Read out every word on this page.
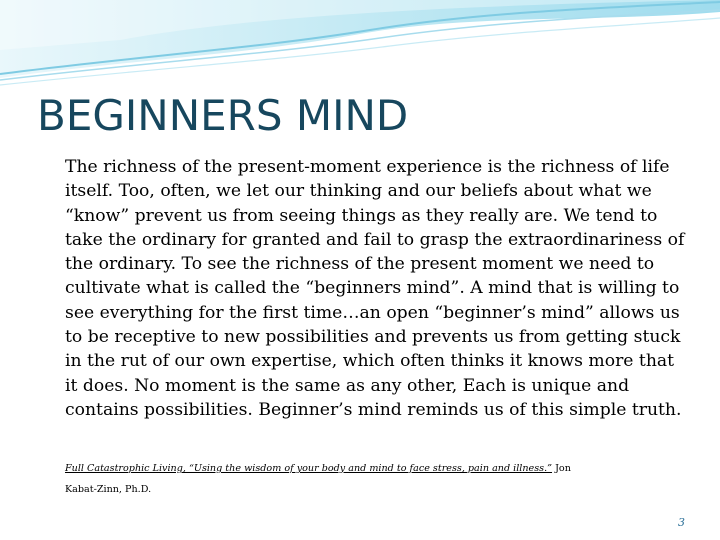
BEGINNERS MIND

The richness of the present-moment experience is the richness of life
itself. Too, often, we let our thinking and our beliefs about what we
“know” prevent us from seeing things as they really are. We tend to
take the ordinary for granted and fail to grasp the extraordinariness of
the ordinary. To see the richness of the present moment we need to
cultivate what is called the “beginners mind”. A mind that is willing to
see everything for the first time…an open “beginner’s mind” allows us
to be receptive to new possibilities and prevents us from getting stuck
in the rut of our own expertise, which often thinks it knows more that
it does. No moment is the same as any other, Each is unique and
contains possibilities. Beginner’s mind reminds us of this simple truth.

Full Catastrophic Living, “Using the wisdom of your body and mind to face stress, pain and illness.” Jon
Kabat-Zinn, Ph.D.

3
